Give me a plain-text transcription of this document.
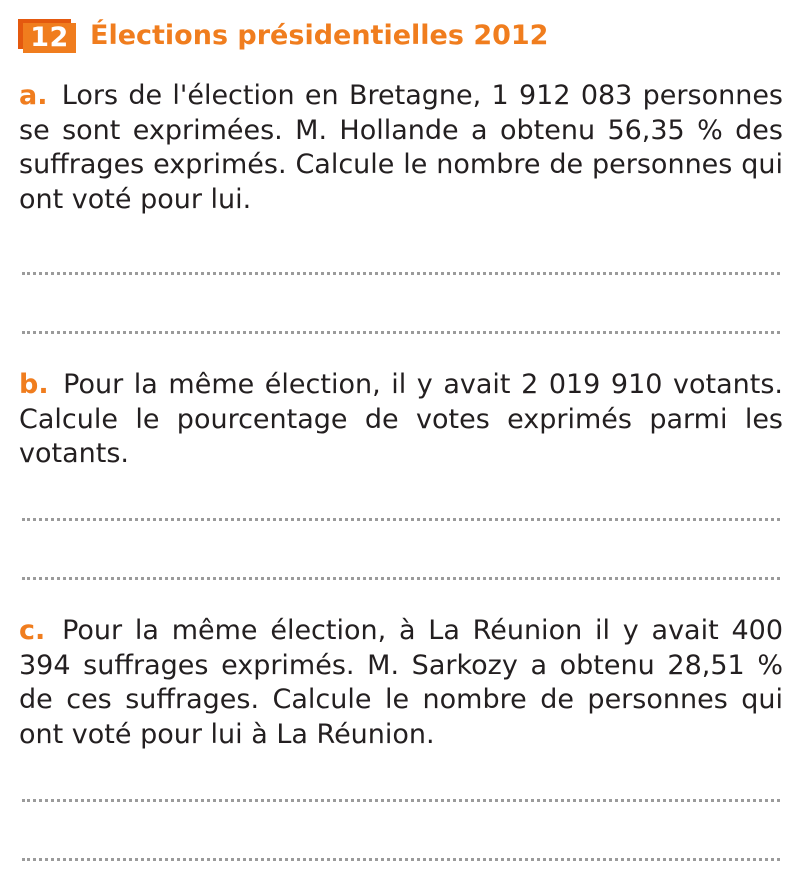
12 Élections présidentielles 2012
a. Lors de l'élection en Bretagne, 1 912 083 personnes se sont exprimées. M. Hollande a obtenu 56,35 % des suffrages exprimés. Calcule le nombre de personnes qui ont voté pour lui.
b. Pour la même élection, il y avait 2 019 910 votants. Calcule le pourcentage de votes exprimés parmi les votants.
c. Pour la même élection, à La Réunion il y avait 400 394 suffrages exprimés. M. Sarkozy a obtenu 28,51 % de ces suffrages. Calcule le nombre de personnes qui ont voté pour lui à La Réunion.
